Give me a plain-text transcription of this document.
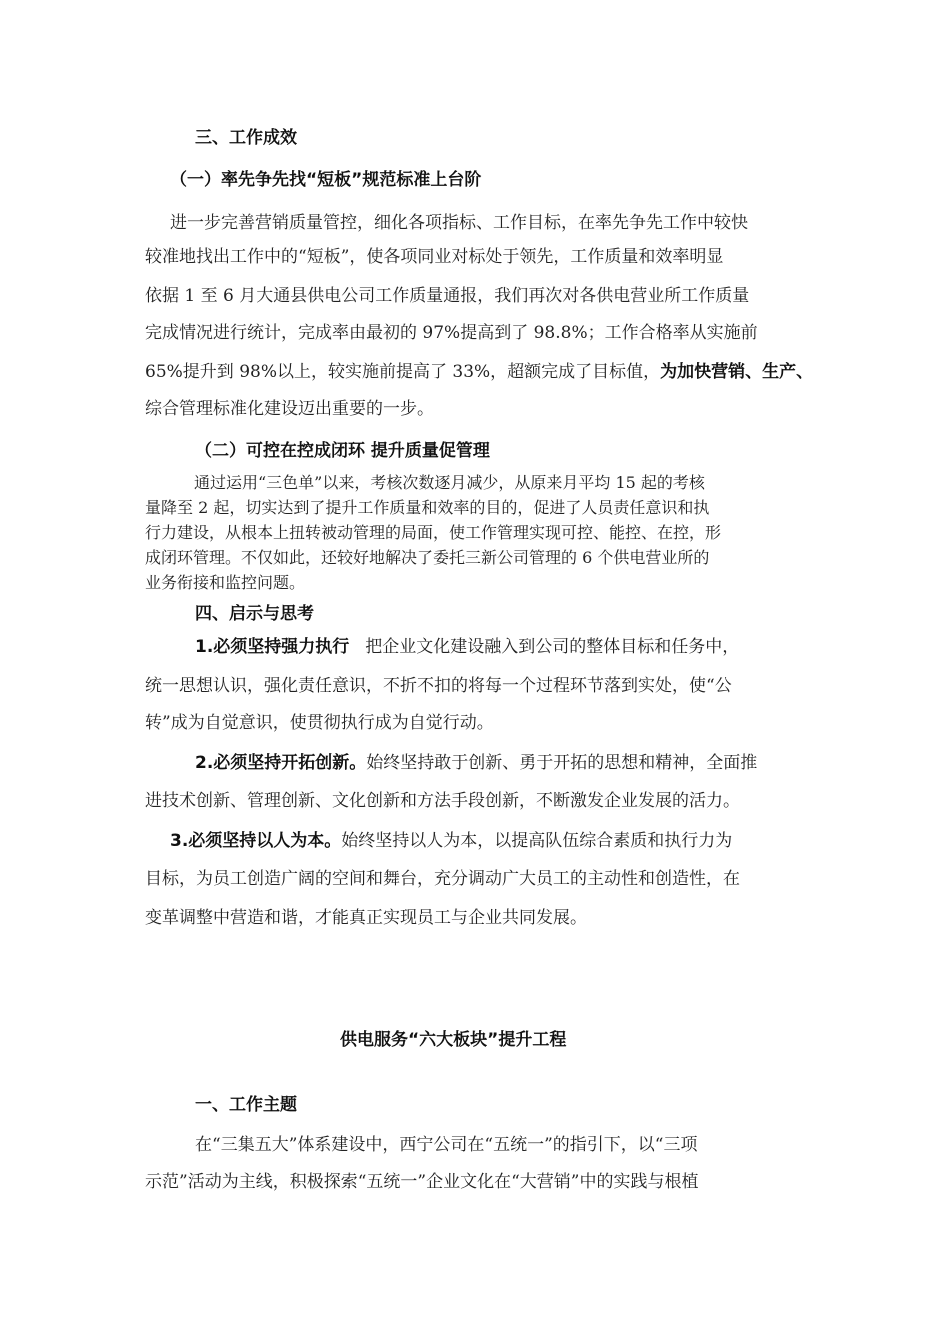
三、工作成效
（一）率先争先找“短板”规范标准上台阶
进一步完善营销质量管控，细化各项指标、工作目标，在率先争先工作中较快
较准地找出工作中的“短板”，使各项同业对标处于领先，工作质量和效率明显
依据 1 至 6 月大通县供电公司工作质量通报，我们再次对各供电营业所工作质量
完成情况进行统计，完成率由最初的 97%提高到了 98.8%；工作合格率从实施前
65%提升到 98%以上，较实施前提高了 33%，超额完成了目标值，为加快营销、生产、
综合管理标准化建设迈出重要的一步。
（二）可控在控成闭环 提升质量促管理
通过运用“三色单”以来，考核次数逐月减少，从原来月平均 15 起的考核
量降至 2 起，切实达到了提升工作质量和效率的目的，促进了人员责任意识和执
行力建设，从根本上扭转被动管理的局面，使工作管理实现可控、能控、在控，形
成闭环管理。不仅如此，还较好地解决了委托三新公司管理的 6 个供电营业所的
业务衔接和监控问题。
四、启示与思考
1.必须坚持强力执行 把企业文化建设融入到公司的整体目标和任务中，
统一思想认识，强化责任意识，不折不扣的将每一个过程环节落到实处，使“公
转”成为自觉意识，使贯彻执行成为自觉行动。
2.必须坚持开拓创新。始终坚持敢于创新、勇于开拓的思想和精神，全面推
进技术创新、管理创新、文化创新和方法手段创新，不断激发企业发展的活力。
3.必须坚持以人为本。始终坚持以人为本，以提高队伍综合素质和执行力为
目标，为员工创造广阔的空间和舞台，充分调动广大员工的主动性和创造性，在
变革调整中营造和谐，才能真正实现员工与企业共同发展。
供电服务“六大板块”提升工程
一、工作主题
在“三集五大”体系建设中，西宁公司在“五统一”的指引下，以“三项
示范”活动为主线，积极探索“五统一”企业文化在“大营销”中的实践与根植
